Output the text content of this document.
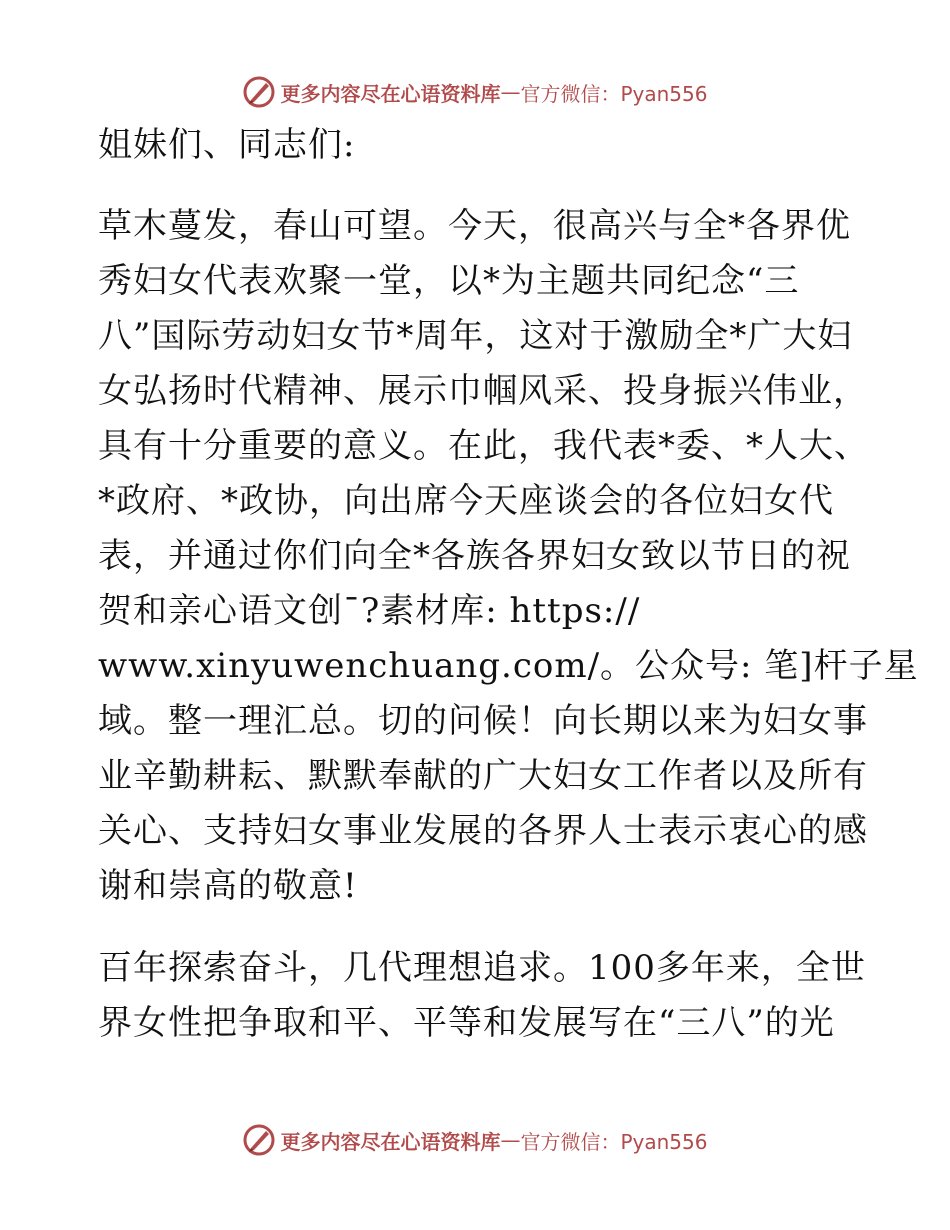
更多内容尽在心语资料库 — 官方微信：Pyan556
姐妹们、同志们:
草木蔓发，春山可望。今天，很高兴与全*各界优
秀妇女代表欢聚一堂，以*为主题共同纪念“三
八”国际劳动妇女节*周年，这对于激励全*广大妇
女弘扬时代精神、展示巾帼风采、投身振兴伟业，
具有十分重要的意义。在此，我代表*委、*人大、
*政府、*政协，向出席今天座谈会的各位妇女代
表，并通过你们向全*各族各界妇女致以节日的祝
贺和亲心语文创¯?素材库: https://
www.xinyuwenchuang.com/。公众号: 笔]杆子星
域。整一理汇总。切的问候！向长期以来为妇女事
业辛勤耕耘、默默奉献的广大妇女工作者以及所有
关心、支持妇女事业发展的各界人士表示衷心的感
谢和崇高的敬意!
百年探索奋斗，几代理想追求。100多年来，全世
界女性把争取和平、平等和发展写在“三八”的光
更多内容尽在心语资料库 — 官方微信：Pyan556
